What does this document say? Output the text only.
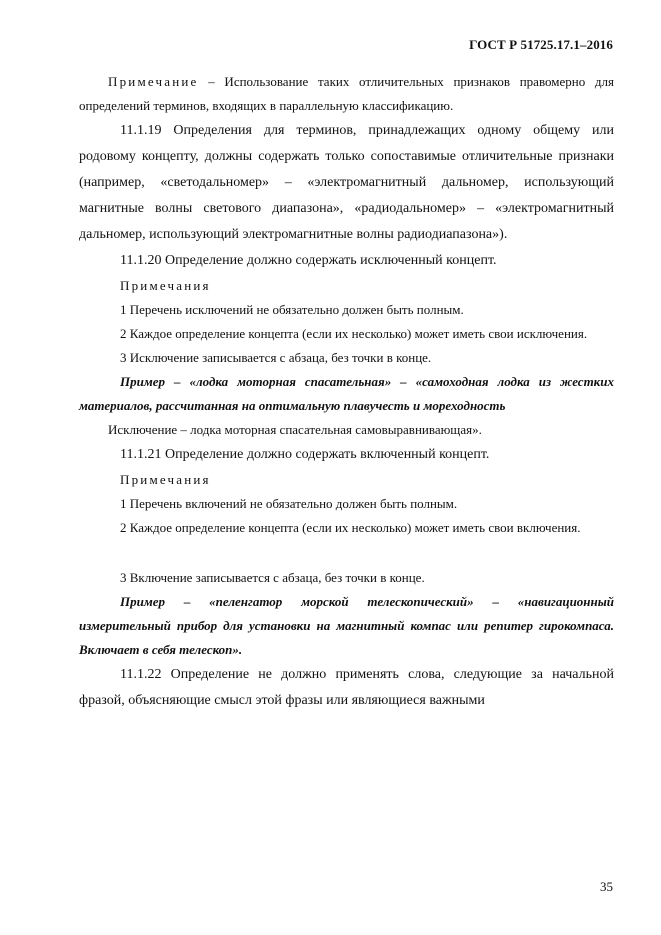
ГОСТ Р 51725.17.1–2016

Примечание – Использование таких отличительных признаков правомерно для определений терминов, входящих в параллельную классификацию.

11.1.19 Определения для терминов, принадлежащих одному общему или родовому концепту, должны содержать только сопоставимые отличительные признаки (например, «светодальномер» – «электромагнитный дальномер, использующий магнитные волны светового диапазона», «радиодальномер» – «электромагнитный дальномер, использующий электромагнитные волны радиодиапазона»).

11.1.20 Определение должно содержать исключенный концепт.

Примечания

1 Перечень исключений не обязательно должен быть полным.

2 Каждое определение концепта (если их несколько) может иметь свои исключения.

3 Исключение записывается с абзаца, без точки в конце.

Пример – «лодка моторная спасательная» – «самоходная лодка из жестких материалов, рассчитанная на оптимальную плавучесть и мореходность

Исключение – лодка моторная спасательная самовыравнивающая».

11.1.21 Определение должно содержать включенный концепт.

Примечания

1 Перечень включений не обязательно должен быть полным.

2 Каждое определение концепта (если их несколько) может иметь свои включения.

3 Включение записывается с абзаца, без точки в конце.

Пример – «пеленгатор морской телескопический» – «навигационный измерительный прибор для установки на магнитный компас или репитер гирокомпаса. Включает в себя телескоп».

11.1.22 Определение не должно применять слова, следующие за начальной фразой, объясняющие смысл этой фразы или являющиеся важными

35
